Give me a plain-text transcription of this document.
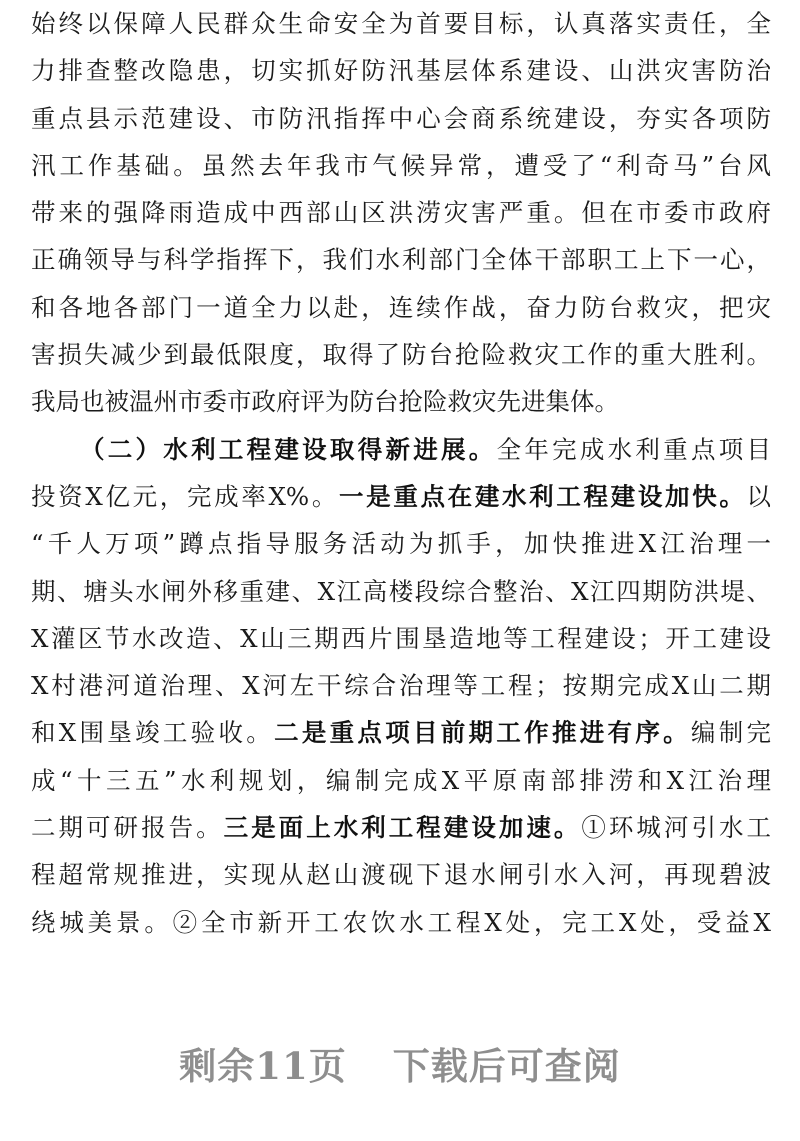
始终以保障人民群众生命安全为首要目标，认真落实责任，全
力排查整改隐患，切实抓好防汛基层体系建设、山洪灾害防治
重点县示范建设、市防汛指挥中心会商系统建设，夯实各项防
汛工作基础。虽然去年我市气候异常，遭受了“利奇马”台风
带来的强降雨造成中西部山区洪涝灾害严重。但在市委市政府
正确领导与科学指挥下，我们水利部门全体干部职工上下一心，
和各地各部门一道全力以赴，连续作战，奋力防台救灾，把灾
害损失减少到最低限度，取得了防台抢险救灾工作的重大胜利。
我局也被温州市委市政府评为防台抢险救灾先进集体。
（二）水利工程建设取得新进展。全年完成水利重点项目
投资X亿元，完成率X%。一是重点在建水利工程建设加快。以
“千人万项”蹲点指导服务活动为抓手，加快推进X江治理一
期、塘头水闸外移重建、X江高楼段综合整治、X江四期防洪堤、
X灌区节水改造、X山三期西片围垦造地等工程建设；开工建设
X村港河道治理、X河左干综合治理等工程；按期完成X山二期
和X围垦竣工验收。二是重点项目前期工作推进有序。编制完
成“十三五”水利规划，编制完成X平原南部排涝和X江治理
二期可研报告。三是面上水利工程建设加速。①环城河引水工
程超常规推进，实现从赵山渡砚下退水闸引水入河，再现碧波
绕城美景。②全市新开工农饮水工程X处，完工X处，受益X
剩余11页 下载后可查阅
